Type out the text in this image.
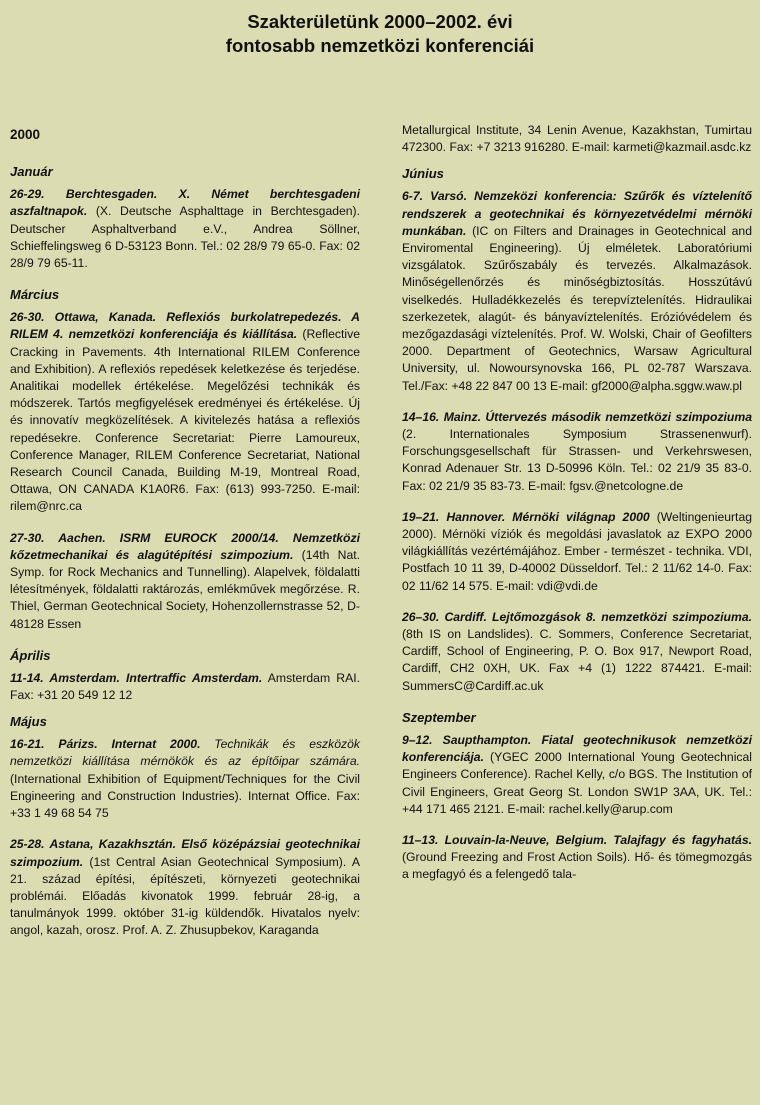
Szakterületünk 2000–2002. évi
fontosabb nemzetközi konferenciái
2000
Január
26-29. Berchtesgaden. X. Német berchtesgadeni aszfaltnapok. (X. Deutsche Asphalttage in Berchtesgaden). Deutscher Asphaltverband e.V., Andrea Söllner, Schieffelingsweg 6 D-53123 Bonn. Tel.: 02 28/9 79 65-0. Fax: 02 28/9 79 65-11.
Március
26-30. Ottawa, Kanada. Reflexiós burkolatrepedezés. A RILEM 4. nemzetközi konferenciája és kiállítása. (Reflective Cracking in Pavements. 4th International RILEM Conference and Exhibition). A reflexiós repedések keletkezése és terjedése. Analitikai modellek értékelése. Megelőzési technikák és módszerek. Tartós megfigyelések eredményei és értékelése. Új és innovatív megközelítések. A kivitelezés hatása a reflexiós repedésekre. Conference Secretariat: Pierre Lamoureux, Conference Manager, RILEM Conference Secretariat, National Research Council Canada, Building M-19, Montreal Road, Ottawa, ON CANADA K1A0R6. Fax: (613) 993-7250. E-mail: rilem@nrc.ca
27-30. Aachen. ISRM EUROCK 2000/14. Nemzetközi kőzetmechanikai és alagútépítési szimpozium. (14th Nat. Symp. for Rock Mechanics and Tunnelling). Alapelvek, földalatti létesítmények, földalatti raktározás, emlékművek megőrzése. R. Thiel, German Geotechnical Society, Hohenzollernstrasse 52, D-48128 Essen
Április
11-14. Amsterdam. Intertraffic Amsterdam. Amsterdam RAI. Fax: +31 20 549 12 12
Május
16-21. Párizs. Internat 2000. Technikák és eszközök nemzetközi kiállítása mérnökök és az építőipar számára. (International Exhibition of Equipment/Techniques for the Civil Engineering and Construction Industries). Internat Office. Fax: +33 1 49 68 54 75
25-28. Astana, Kazakhsztán. Első középázsiai geotechnikai szimpozium. (1st Central Asian Geotechnical Symposium). A 21. század építési, építészeti, környezeti geotechnikai problémái. Előadás kivonatok 1999. február 28-ig, a tanulmányok 1999. október 31-ig küldendők. Hivatalos nyelv: angol, kazah, orosz. Prof. A. Z. Zhusupbekov, Karaganda
Metallurgical Institute, 34 Lenin Avenue, Kazakhstan, Tumirtau 472300. Fax: +7 3213 916280. E-mail: karmeti@kazmail.asdc.kz
Június
6-7. Varsó. Nemzeközi konferencia: Szűrők és víztelenítő rendszerek a geotechnikai és környezetvédelmi mérnöki munkában. (IC on Filters and Drainages in Geotechnical and Enviromental Engineering). Új elméletek. Laboratóriumi vizsgálatok. Szűrőszabály és tervezés. Alkalmazások. Minőségellenőrzés és minőségbiztosítás. Hosszútávú viselkedés. Hulladékkezelés és terepvíztelenítés. Hidraulikai szerkezetek, alagút- és bányavíztelenítés. Erózióvédelem és mezőgazdasági víztelenítés. Prof. W. Wolski, Chair of Geofilters 2000. Department of Geotechnics, Warsaw Agricultural University, ul. Nowoursynovska 166, PL 02-787 Warszava. Tel./Fax: +48 22 847 00 13 E-mail: gf2000@alpha.sggw.waw.pl
14–16. Mainz. Úttervezés második nemzetközi szimpoziuma (2. Internationales Symposium Strassenenwurf). Forschungsgesellschaft für Strassen- und Verkehrswesen, Konrad Adenauer Str. 13 D-50996 Köln. Tel.: 02 21/9 35 83-0. Fax: 02 21/9 35 83-73. E-mail: fgsv.@netcologne.de
19–21. Hannover. Mérnöki világnap 2000 (Weltingenieurtag 2000). Mérnöki víziók és megoldási javaslatok az EXPO 2000 világkiállítás vezértémájához. Ember - természet - technika. VDI, Postfach 10 11 39, D-40002 Düsseldorf. Tel.: 2 11/62 14-0. Fax: 02 11/62 14 575. E-mail: vdi@vdi.de
26–30. Cardiff. Lejtőmozgások 8. nemzetközi szimpoziuma. (8th IS on Landslides). C. Sommers, Conference Secretariat, Cardiff, School of Engineering, P. O. Box 917, Newport Road, Cardiff, CH2 0XH, UK. Fax +4 (1) 1222 874421. E-mail: SummersC@Cardiff.ac.uk
Szeptember
9–12. Saupthampton. Fiatal geotechnikusok nemzetközi konferenciája. (YGEC 2000 International Young Geotechnical Engineers Conference). Rachel Kelly, c/o BGS. The Institution of Civil Engineers, Great Georg St. London SW1P 3AA, UK. Tel.: +44 171 465 2121. E-mail: rachel.kelly@arup.com
11–13. Louvain-la-Neuve, Belgium. Talajfagy és fagyhatás. (Ground Freezing and Frost Action Soils). Hő- és tömegmozgás a megfagyó és a felengedő tala-
